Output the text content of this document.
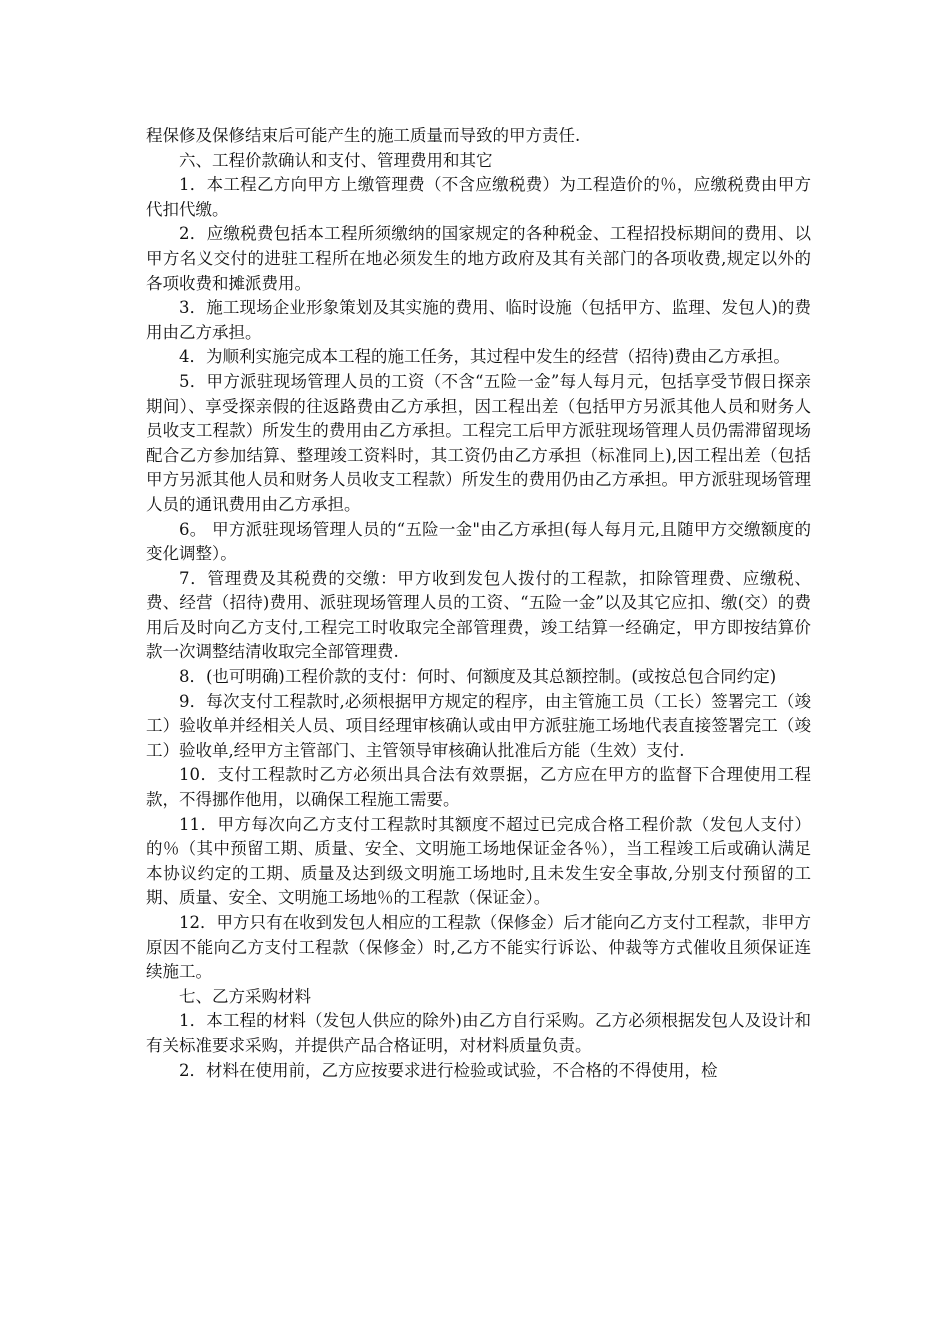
程保修及保修结束后可能产生的施工质量而导致的甲方责任.

六、工程价款确认和支付、管理费用和其它

1．本工程乙方向甲方上缴管理费（不含应缴税费）为工程造价的％，应缴税费由甲方代扣代缴。

2．应缴税费包括本工程所须缴纳的国家规定的各种税金、工程招投标期间的费用、以甲方名义交付的进驻工程所在地必须发生的地方政府及其有关部门的各项收费,规定以外的各项收费和摊派费用。

3．施工现场企业形象策划及其实施的费用、临时设施（包括甲方、监理、发包人)的费用由乙方承担。

4．为顺利实施完成本工程的施工任务，其过程中发生的经营（招待)费由乙方承担。

5．甲方派驻现场管理人员的工资（不含“五险一金”每人每月元，包括享受节假日探亲期间）、享受探亲假的往返路费由乙方承担，因工程出差（包括甲方另派其他人员和财务人员收支工程款）所发生的费用由乙方承担。工程完工后甲方派驻现场管理人员仍需滞留现场配合乙方参加结算、整理竣工资料时，其工资仍由乙方承担（标准同上),因工程出差（包括甲方另派其他人员和财务人员收支工程款）所发生的费用仍由乙方承担。甲方派驻现场管理人员的通讯费用由乙方承担。

6。 甲方派驻现场管理人员的“五险一金"由乙方承担(每人每月元,且随甲方交缴额度的变化调整）。

7．管理费及其税费的交缴：甲方收到发包人拨付的工程款，扣除管理费、应缴税、费、经营（招待)费用、派驻现场管理人员的工资、“五险一金”以及其它应扣、缴(交）的费用后及时向乙方支付,工程完工时收取完全部管理费，竣工结算一经确定，甲方即按结算价款一次调整结清收取完全部管理费.

8．(也可明确)工程价款的支付：何时、何额度及其总额控制。(或按总包合同约定)

9．每次支付工程款时,必须根据甲方规定的程序，由主管施工员（工长）签署完工（竣工）验收单并经相关人员、项目经理审核确认或由甲方派驻施工场地代表直接签署完工（竣工）验收单,经甲方主管部门、主管领导审核确认批准后方能（生效）支付.

10．支付工程款时乙方必须出具合法有效票据，乙方应在甲方的监督下合理使用工程款，不得挪作他用，以确保工程施工需要。

11．甲方每次向乙方支付工程款时其额度不超过已完成合格工程价款（发包人支付）的％（其中预留工期、质量、安全、文明施工场地保证金各％），当工程竣工后或确认满足本协议约定的工期、质量及达到级文明施工场地时,且未发生安全事故,分别支付预留的工期、质量、安全、文明施工场地％的工程款（保证金）。

12．甲方只有在收到发包人相应的工程款（保修金）后才能向乙方支付工程款，非甲方原因不能向乙方支付工程款（保修金）时,乙方不能实行诉讼、仲裁等方式催收且须保证连续施工。

七、乙方采购材料

1．本工程的材料（发包人供应的除外)由乙方自行采购。乙方必须根据发包人及设计和有关标准要求采购，并提供产品合格证明，对材料质量负责。

2．材料在使用前，乙方应按要求进行检验或试验，不合格的不得使用，检
